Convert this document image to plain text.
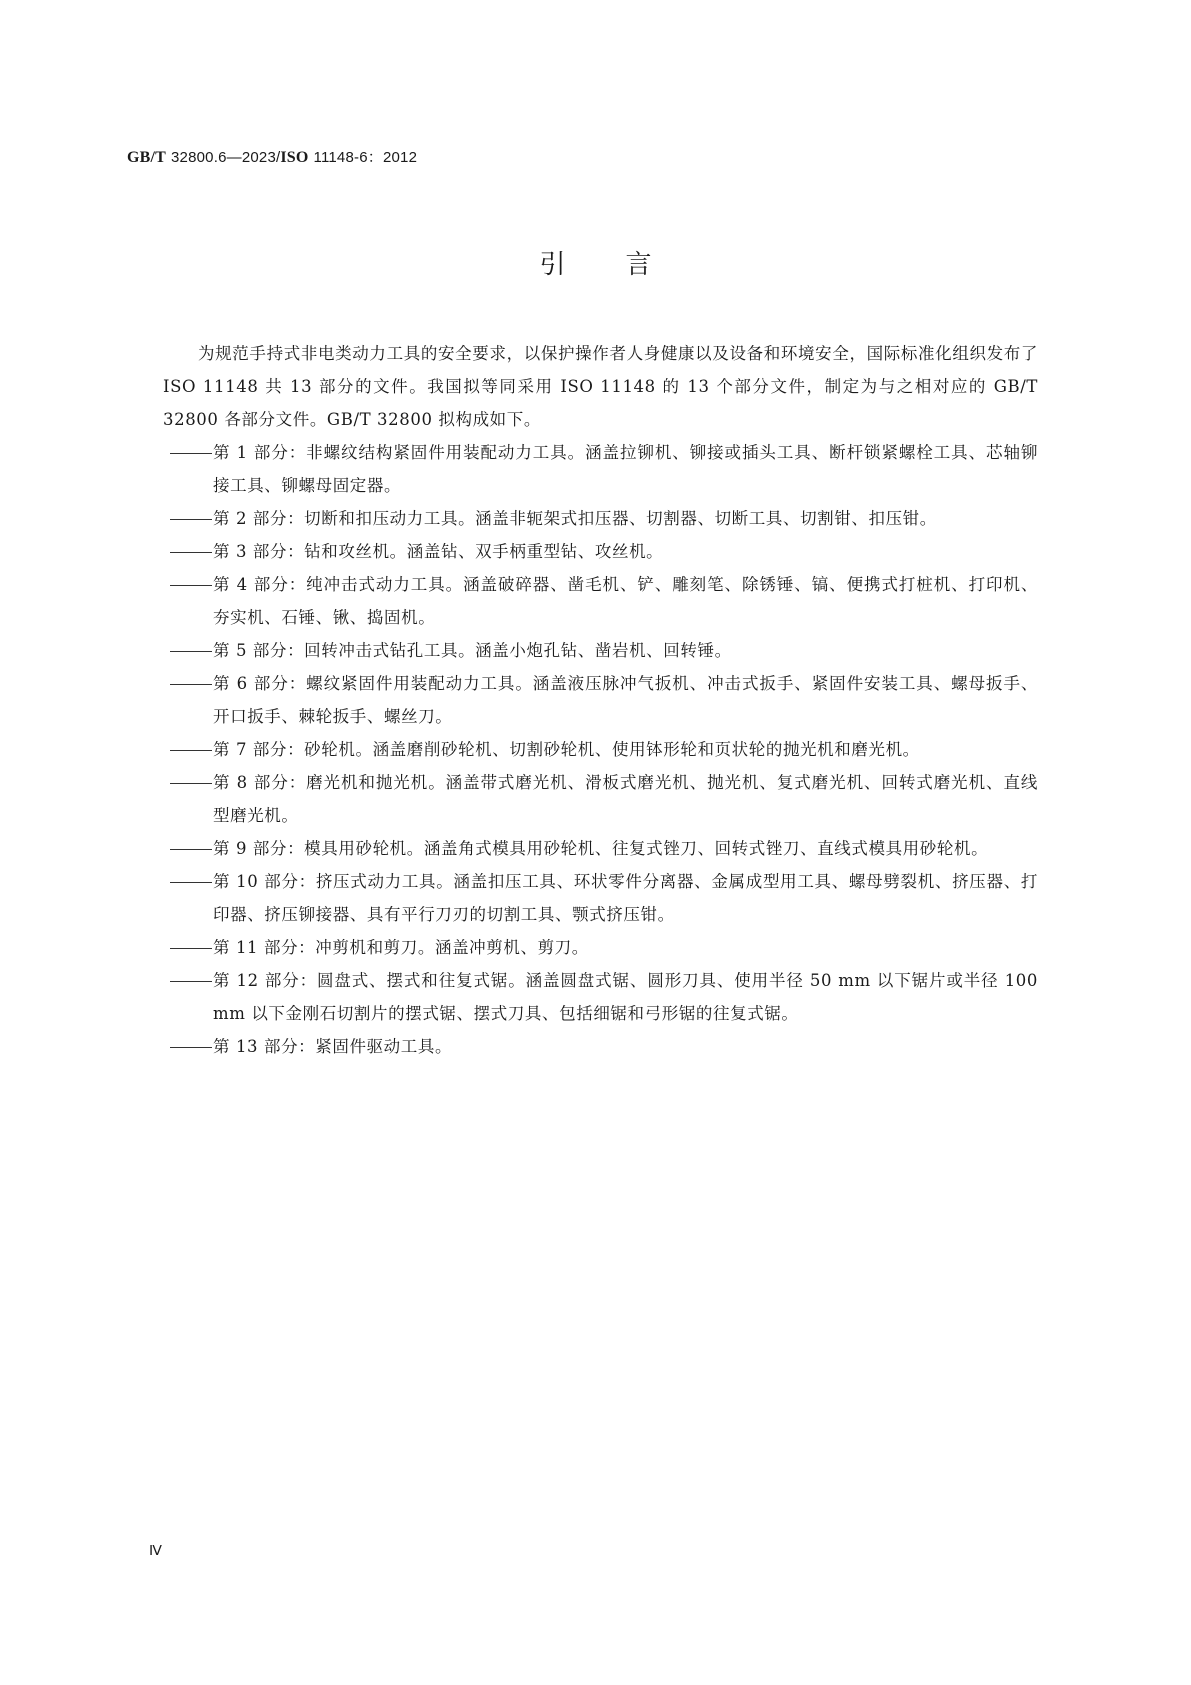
GB/T 32800.6—2023/ISO 11148-6：2012
引言

为规范手持式非电类动力工具的安全要求，以保护操作者人身健康以及设备和环境安全，国际标准化组织发布了 ISO 11148 共 13 部分的文件。我国拟等同采用 ISO 11148 的 13 个部分文件，制定为与之相对应的 GB/T 32800 各部分文件。GB/T 32800 拟构成如下。

第 1 部分：非螺纹结构紧固件用装配动力工具。涵盖拉铆机、铆接或插头工具、断杆锁紧螺栓工具、芯轴铆接工具、铆螺母固定器。
第 2 部分：切断和扣压动力工具。涵盖非轭架式扣压器、切割器、切断工具、切割钳、扣压钳。
第 3 部分：钻和攻丝机。涵盖钻、双手柄重型钻、攻丝机。
第 4 部分：纯冲击式动力工具。涵盖破碎器、凿毛机、铲、雕刻笔、除锈锤、镐、便携式打桩机、打印机、夯实机、石锤、锹、捣固机。
第 5 部分：回转冲击式钻孔工具。涵盖小炮孔钻、凿岩机、回转锤。
第 6 部分：螺纹紧固件用装配动力工具。涵盖液压脉冲气扳机、冲击式扳手、紧固件安装工具、螺母扳手、开口扳手、棘轮扳手、螺丝刀。
第 7 部分：砂轮机。涵盖磨削砂轮机、切割砂轮机、使用钵形轮和页状轮的抛光机和磨光机。
第 8 部分：磨光机和抛光机。涵盖带式磨光机、滑板式磨光机、抛光机、复式磨光机、回转式磨光机、直线型磨光机。
第 9 部分：模具用砂轮机。涵盖角式模具用砂轮机、往复式锉刀、回转式锉刀、直线式模具用砂轮机。
第 10 部分：挤压式动力工具。涵盖扣压工具、环状零件分离器、金属成型用工具、螺母劈裂机、挤压器、打印器、挤压铆接器、具有平行刀刃的切割工具、颚式挤压钳。
第 11 部分：冲剪机和剪刀。涵盖冲剪机、剪刀。
第 12 部分：圆盘式、摆式和往复式锯。涵盖圆盘式锯、圆形刀具、使用半径 50 mm 以下锯片或半径 100 mm 以下金刚石切割片的摆式锯、摆式刀具、包括细锯和弓形锯的往复式锯。
第 13 部分：紧固件驱动工具。
Ⅳ
